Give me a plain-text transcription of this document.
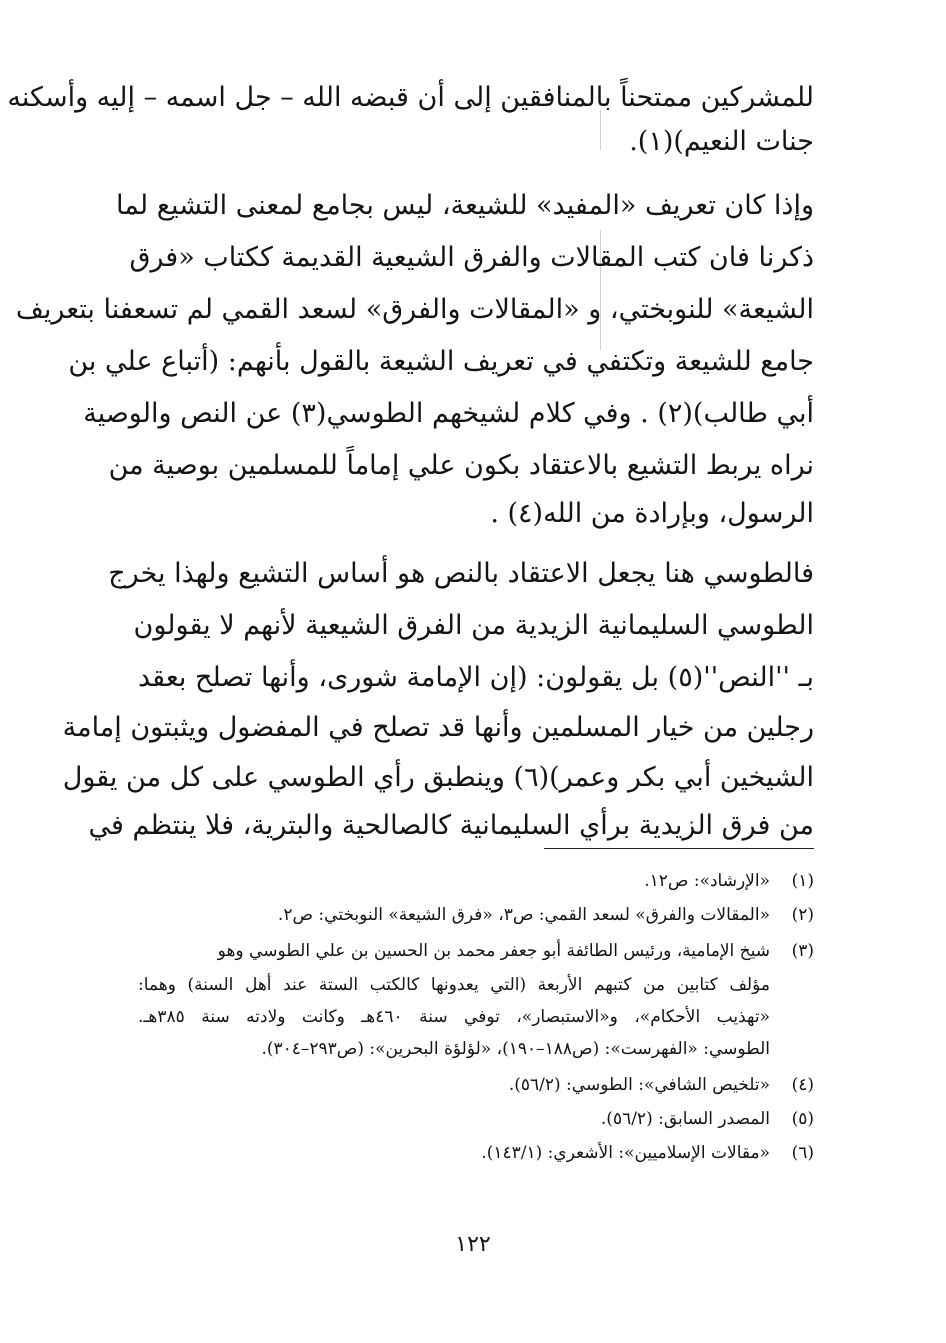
للمشركين ممتحناً بالمنافقين إلى أن قبضه الله – جل اسمه – إليه وأسكنه
جنات النعيم)(١).
وإذا كان تعريف «المفيد» للشيعة، ليس بجامع لمعنى التشيع لما
ذكرنا فان كتب المقالات والفرق الشيعية القديمة ككتاب «فرق
الشيعة» للنوبختي، و «المقالات والفرق» لسعد القمي لم تسعفنا بتعريف
جامع للشيعة وتكتفي في تعريف الشيعة بالقول بأنهم: (أتباع علي بن
أبي طالب)(٢) . وفي كلام لشيخهم الطوسي(٣) عن النص والوصية
نراه يربط التشيع بالاعتقاد بكون علي إماماً للمسلمين بوصية من
الرسول، وبإرادة من الله(٤) .
فالطوسي هنا يجعل الاعتقاد بالنص هو أساس التشيع ولهذا يخرج
الطوسي السليمانية الزيدية من الفرق الشيعية لأنهم لا يقولون
بـ ''النص''(٥) بل يقولون: (إن الإمامة شورى، وأنها تصلح بعقد
رجلين من خيار المسلمين وأنها قد تصلح في المفضول ويثبتون إمامة
الشيخين أبي بكر وعمر)(٦) وينطبق رأي الطوسي على كل من يقول
من فرق الزيدية برأي السليمانية كالصالحية والبترية، فلا ينتظم في
(١)«الإرشاد»: ص١٢.
(٢)«المقالات والفرق» لسعد القمي: ص٣، «فرق الشيعة» النوبختي: ص٢.
(٣)شيخ الإمامية، ورئيس الطائفة أبو جعفر محمد بن الحسين بن علي الطوسي وهو
مؤلف كتابين من كتبهم الأربعة (التي يعدونها كالكتب الستة عند أهل السنة) وهما:
«تهذيب الأحكام»، و«الاستبصار»، توفي سنة ٤٦٠هـ وكانت ولادته سنة ٣٨٥هـ.
الطوسي: «الفهرست»: (ص١٨٨–١٩٠)، «لؤلؤة البحرين»: (ص٢٩٣–٣٠٤).
(٤)«تلخيص الشافي»: الطوسي: (٥٦/٢).
(٥)المصدر السابق: (٥٦/٢).
(٦)«مقالات الإسلاميين»: الأشعري: (١٤٣/١).
١٢٢
